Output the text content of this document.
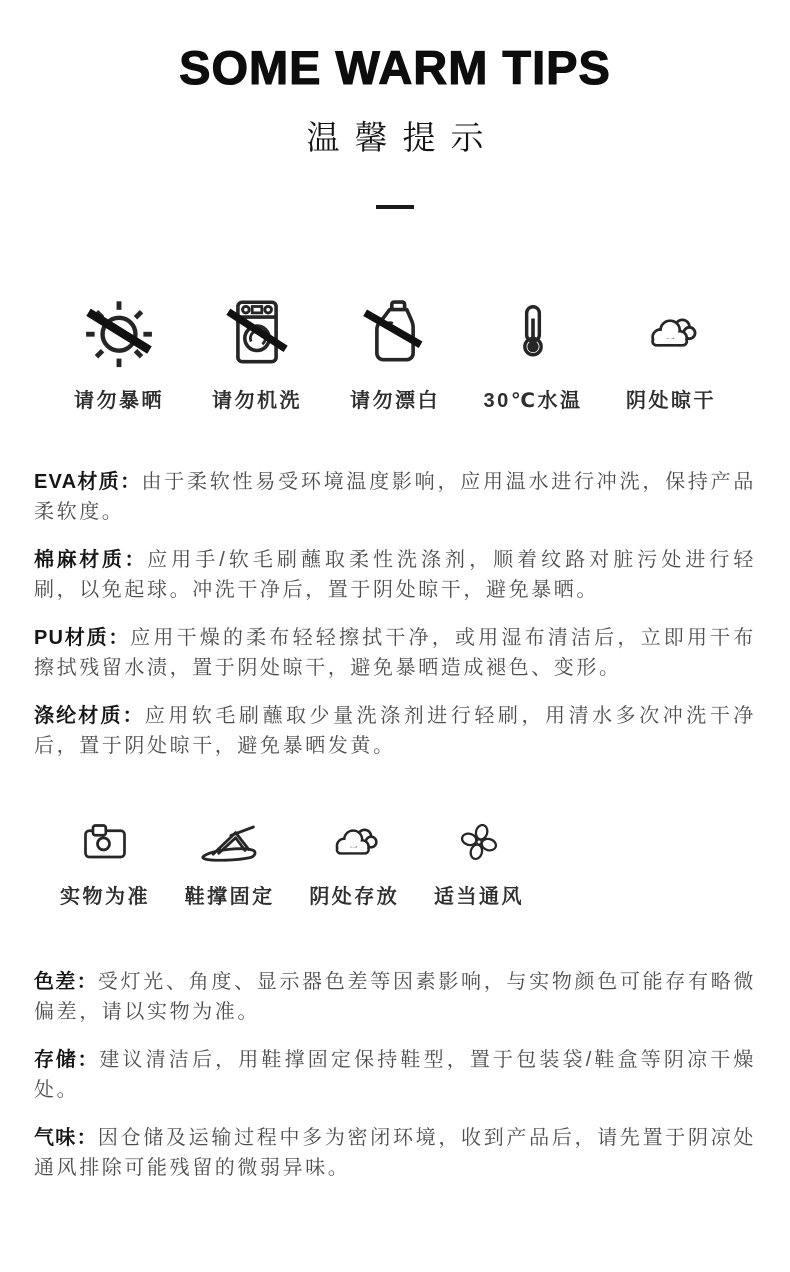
SOME WARM TIPS
温馨提示
请勿暴晒 请勿机洗 请勿漂白 30℃水温 阴处晾干

EVA材质：由于柔软性易受环境温度影响，应用温水进行冲洗，保持产品柔软度。

棉麻材质：应用手/软毛刷蘸取柔性洗涤剂，顺着纹路对脏污处进行轻刷，以免起球。冲洗干净后，置于阴处晾干，避免暴晒。

PU材质：应用干燥的柔布轻轻擦拭干净，或用湿布清洁后，立即用干布擦拭残留水渍，置于阴处晾干，避免暴晒造成褪色、变形。

涤纶材质：应用软毛刷蘸取少量洗涤剂进行轻刷，用清水多次冲洗干净后，置于阴处晾干，避免暴晒发黄。

实物为准 鞋撑固定 阴处存放 适当通风

色差：受灯光、角度、显示器色差等因素影响，与实物颜色可能存有略微偏差，请以实物为准。

存储：建议清洁后，用鞋撑固定保持鞋型，置于包装袋/鞋盒等阴凉干燥处。

气味：因仓储及运输过程中多为密闭环境，收到产品后，请先置于阴凉处通风排除可能残留的微弱异味。
